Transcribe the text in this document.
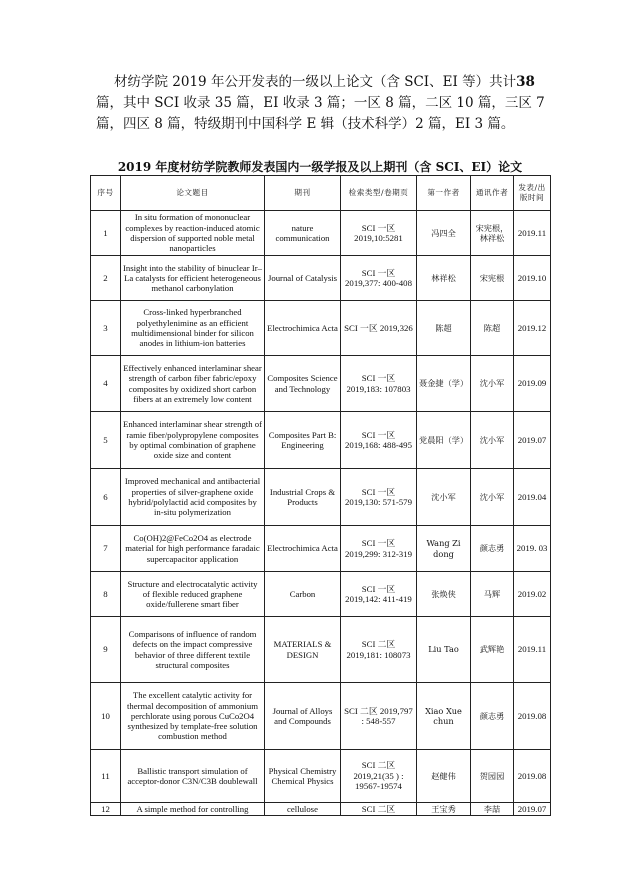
材纺学院 2019 年公开发表的一级以上论文（含 SCI、EI 等）共计38篇，其中 SCI 收录 35 篇，EI 收录 3 篇；一区 8 篇，二区 10 篇，三区 7 篇，四区 8 篇，特级期刊中国科学 E 辑（技术科学）2 篇，EI 3 篇。
2019 年度材纺学院教师发表国内一级学报及以上期刊（含 SCI、EI）论文
序号	论文题目	期刊	检索类型/卷期页	第一作者	通讯作者	发表/出版时间
1	In situ formation of mononuclear complexes by reaction-induced atomic dispersion of supported noble metal nanoparticles	nature communication	SCI 一区 2019,10:5281	冯四全	宋宪根，林祥松	2019.11
2	Insight into the stability of binuclear Ir–La catalysts for efficient heterogeneous methanol carbonylation	Journal of Catalysis	SCI 一区 2019,377: 400-408	林祥松	宋宪根	2019.10
3	Cross-linked hyperbranched polyethylenimine as an efficient multidimensional binder for silicon anodes in lithium-ion batteries	Electrochimica Acta	SCI 一区 2019,326	陈超	陈超	2019.12
4	Effectively enhanced interlaminar shear strength of carbon fiber fabric/epoxy composites by oxidized short carbon fibers at an extremely low content	Composites Science and Technology	SCI 一区 2019,183: 107803	聂金捷（学）	沈小军	2019.09
5	Enhanced interlaminar shear strength of ramie fiber/polypropylene composites by optimal combination of graphene oxide size and content	Composites Part B: Engineering	SCI 一区 2019,168: 488-495	党晨阳（学）	沈小军	2019.07
6	Improved mechanical and antibacterial properties of silver-graphene oxide hybrid/polylactid acid composites by in-situ polymerization	Industrial Crops & Products	SCI 一区 2019,130: 571-579	沈小军	沈小军	2019.04
7	Co(OH)2@FeCo2O4 as electrode material for high performance faradaic supercapacitor application	Electrochimica Acta	SCI 一区 2019,299: 312-319	Wang Zi dong	颜志勇	2019. 03
8	Structure and electrocatalytic activity of flexible reduced graphene oxide/fullerene smart fiber	Carbon	SCI 一区 2019,142: 411-419	张焕侠	马辉	2019.02
9	Comparisons of influence of random defects on the impact compressive behavior of three different textile structural composites	MATERIALS & DESIGN	SCI 二区 2019,181: 108073	Liu Tao	武辉艳	2019.11
10	The excellent catalytic activity for thermal decomposition of ammonium perchlorate using porous CuCo2O4 synthesized by template-free solution combustion method	Journal of Alloys and Compounds	SCI 二区 2019,797 : 548-557	Xiao Xue chun	颜志勇	2019.08
11	Ballistic transport simulation of acceptor-donor C3N/C3B doublewall	Physical Chemistry Chemical Physics	SCI 二区 2019,21(35 ) : 19567-19574	赵健伟	贺园园	2019.08
12	A simple method for controlling	cellulose	SCI 二区	王宝秀	李喆	2019.07
